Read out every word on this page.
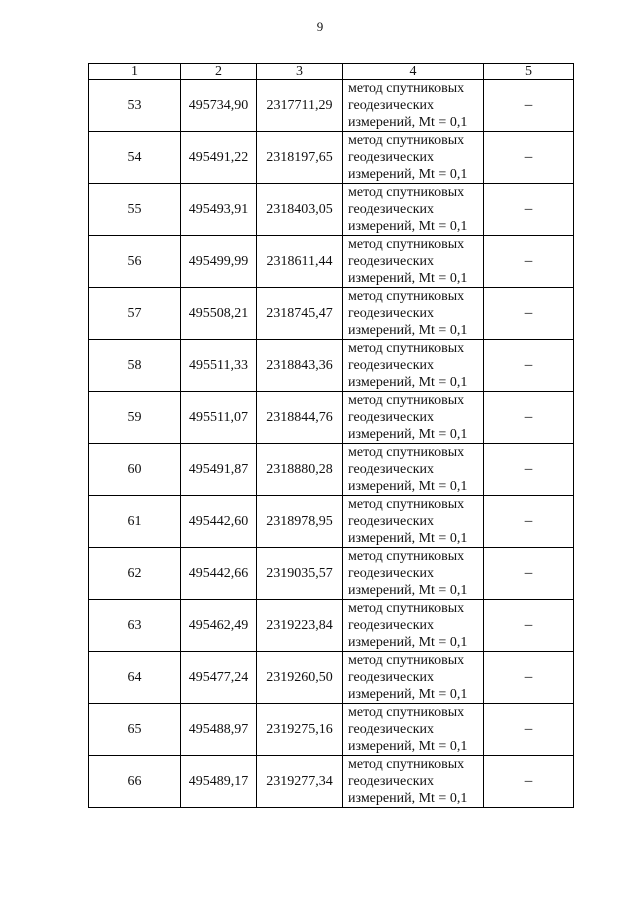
9
1	2	3	4	5
53	495734,90	2317711,29	метод спутниковых
геодезических
измерений, Mt = 0,1	–
54	495491,22	2318197,65	метод спутниковых
геодезических
измерений, Mt = 0,1	–
55	495493,91	2318403,05	метод спутниковых
геодезических
измерений, Mt = 0,1	–
56	495499,99	2318611,44	метод спутниковых
геодезических
измерений, Mt = 0,1	–
57	495508,21	2318745,47	метод спутниковых
геодезических
измерений, Mt = 0,1	–
58	495511,33	2318843,36	метод спутниковых
геодезических
измерений, Mt = 0,1	–
59	495511,07	2318844,76	метод спутниковых
геодезических
измерений, Mt = 0,1	–
60	495491,87	2318880,28	метод спутниковых
геодезических
измерений, Mt = 0,1	–
61	495442,60	2318978,95	метод спутниковых
геодезических
измерений, Mt = 0,1	–
62	495442,66	2319035,57	метод спутниковых
геодезических
измерений, Mt = 0,1	–
63	495462,49	2319223,84	метод спутниковых
геодезических
измерений, Mt = 0,1	–
64	495477,24	2319260,50	метод спутниковых
геодезических
измерений, Mt = 0,1	–
65	495488,97	2319275,16	метод спутниковых
геодезических
измерений, Mt = 0,1	–
66	495489,17	2319277,34	метод спутниковых
геодезических
измерений, Mt = 0,1	–
